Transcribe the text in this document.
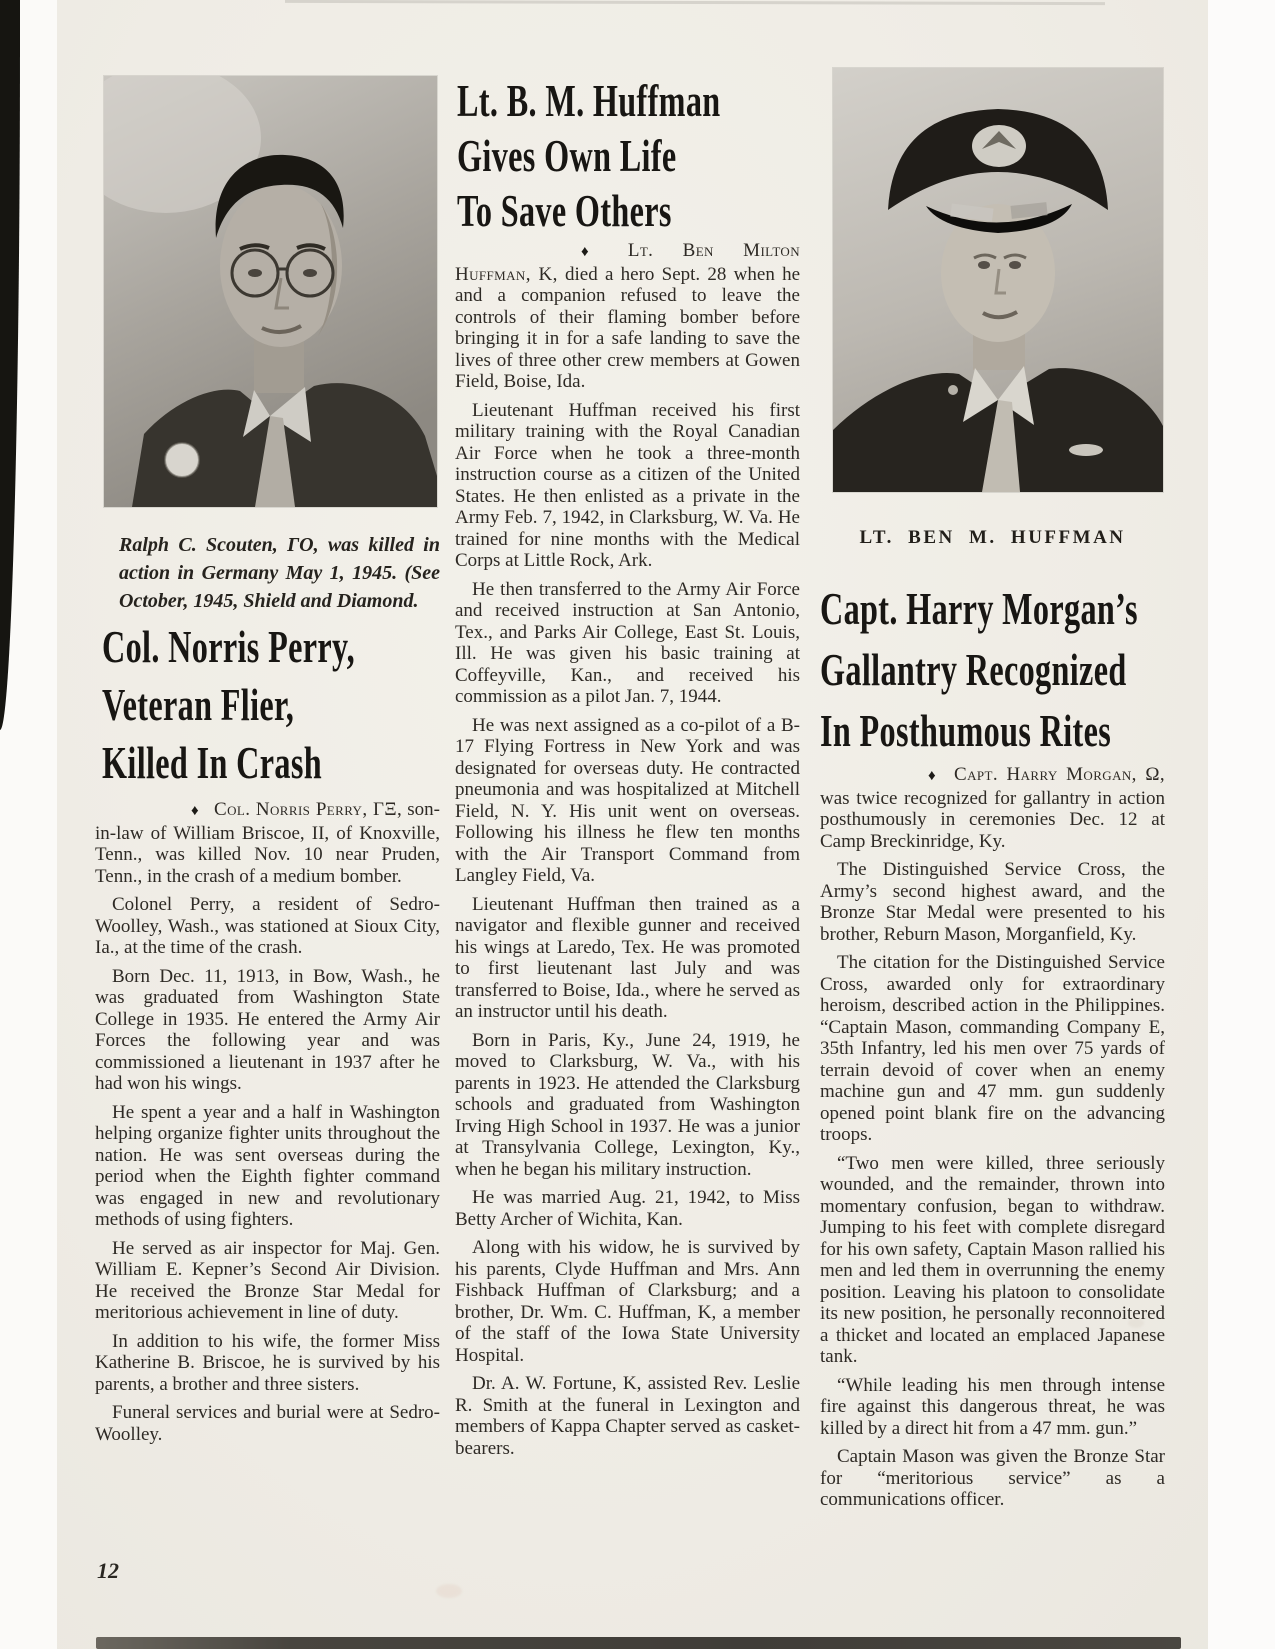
Ralph C. Scouten, ΓΟ, was killed in action in Germany May 1, 1945. (See October, 1945, Shield and Diamond.

Col. Norris Perry,
Veteran Flier,
Killed In Crash

♦ Col. Norris Perry, ΓΞ, son-in-law of William Briscoe, II, of Knoxville, Tenn., was killed Nov. 10 near Pruden, Tenn., in the crash of a medium bomber.

Colonel Perry, a resident of Sedro-Woolley, Wash., was stationed at Sioux City, Ia., at the time of the crash.

Born Dec. 11, 1913, in Bow, Wash., he was graduated from Washington State College in 1935. He entered the Army Air Forces the following year and was commissioned a lieutenant in 1937 after he had won his wings.

He spent a year and a half in Washington helping organize fighter units throughout the nation. He was sent overseas during the period when the Eighth fighter command was engaged in new and revolutionary methods of using fighters.

He served as air inspector for Maj. Gen. William E. Kepner’s Second Air Division. He received the Bronze Star Medal for meritorious achievement in line of duty.

In addition to his wife, the former Miss Katherine B. Briscoe, he is survived by his parents, a brother and three sisters.

Funeral services and burial were at Sedro-Woolley.

Lt. B. M. Huffman
Gives Own Life
To Save Others

♦ Lt. Ben Milton Huffman, K, died a hero Sept. 28 when he and a companion refused to leave the controls of their flaming bomber before bringing it in for a safe landing to save the lives of three other crew members at Gowen Field, Boise, Ida.

Lieutenant Huffman received his first military training with the Royal Canadian Air Force when he took a three-month instruction course as a citizen of the United States. He then enlisted as a private in the Army Feb. 7, 1942, in Clarksburg, W. Va. He trained for nine months with the Medical Corps at Little Rock, Ark.

He then transferred to the Army Air Force and received instruction at San Antonio, Tex., and Parks Air College, East St. Louis, Ill. He was given his basic training at Coffeyville, Kan., and received his commission as a pilot Jan. 7, 1944.

He was next assigned as a co-pilot of a B-17 Flying Fortress in New York and was designated for overseas duty. He contracted pneumonia and was hospitalized at Mitchell Field, N. Y. His unit went on overseas. Following his illness he flew ten months with the Air Transport Command from Langley Field, Va.

Lieutenant Huffman then trained as a navigator and flexible gunner and received his wings at Laredo, Tex. He was promoted to first lieutenant last July and was transferred to Boise, Ida., where he served as an instructor until his death.

Born in Paris, Ky., June 24, 1919, he moved to Clarksburg, W. Va., with his parents in 1923. He attended the Clarksburg schools and graduated from Washington Irving High School in 1937. He was a junior at Transylvania College, Lexington, Ky., when he began his military instruction.

He was married Aug. 21, 1942, to Miss Betty Archer of Wichita, Kan.

Along with his widow, he is survived by his parents, Clyde Huffman and Mrs. Ann Fishback Huffman of Clarksburg; and a brother, Dr. Wm. C. Huffman, K, a member of the staff of the Iowa State University Hospital.

Dr. A. W. Fortune, K, assisted Rev. Leslie R. Smith at the funeral in Lexington and members of Kappa Chapter served as casket-bearers.

LT. BEN M. HUFFMAN

Capt. Harry Morgan’s
Gallantry Recognized
In Posthumous Rites

♦ Capt. Harry Morgan, Ω, was twice recognized for gallantry in action posthumously in ceremonies Dec. 12 at Camp Breckinridge, Ky.

The Distinguished Service Cross, the Army’s second highest award, and the Bronze Star Medal were presented to his brother, Reburn Mason, Morganfield, Ky.

The citation for the Distinguished Service Cross, awarded only for extraordinary heroism, described action in the Philippines. “Captain Mason, commanding Company E, 35th Infantry, led his men over 75 yards of terrain devoid of cover when an enemy machine gun and 47 mm. gun suddenly opened point blank fire on the advancing troops.

“Two men were killed, three seriously wounded, and the remainder, thrown into momentary confusion, began to withdraw. Jumping to his feet with complete disregard for his own safety, Captain Mason rallied his men and led them in overrunning the enemy position. Leaving his platoon to consolidate its new position, he personally reconnoitered a thicket and located an emplaced Japanese tank.

“While leading his men through intense fire against this dangerous threat, he was killed by a direct hit from a 47 mm. gun.”

Captain Mason was given the Bronze Star for “meritorious service” as a communications officer.

12
